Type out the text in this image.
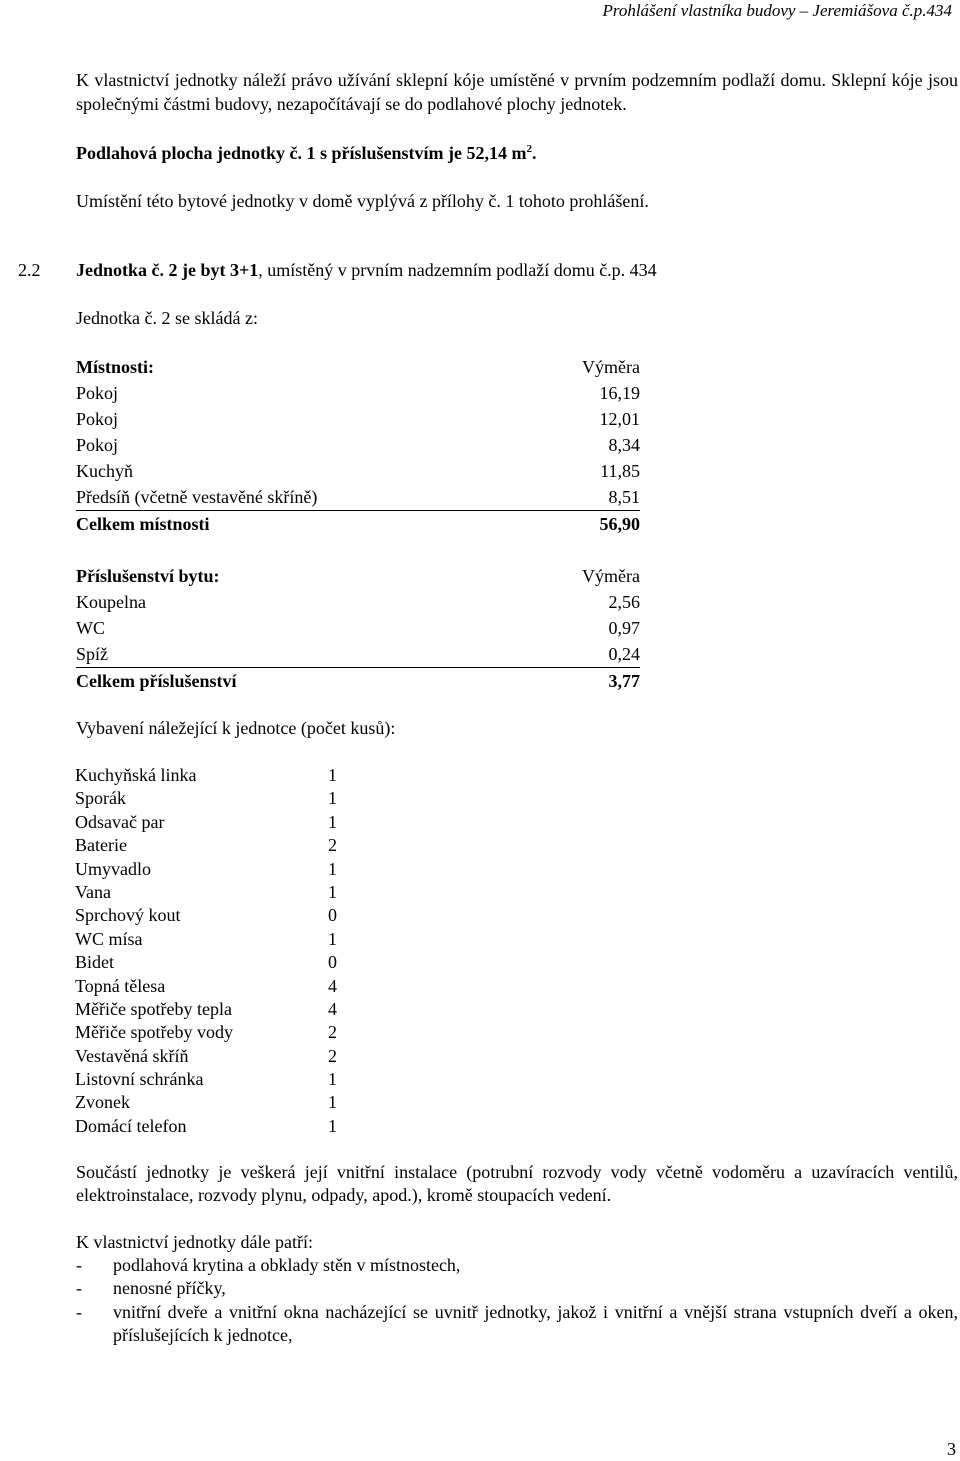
Prohlášení vlastníka budovy – Jeremiášova č.p.434
K vlastnictví jednotky náleží právo užívání sklepní kóje umístěné v prvním podzemním podlaží domu. Sklepní kóje jsou společnými částmi budovy, nezapočítávají se do podlahové plochy jednotek.
Podlahová plocha jednotky č. 1 s příslušenstvím je 52,14 $m^2$.
Umístění této bytové jednotky v domě vyplývá z přílohy č. 1 tohoto prohlášení.
2.2 Jednotka č. 2 je byt 3+1, umístěný v prvním nadzemním podlaží domu č.p. 434
Jednotka č. 2 se skládá z:
Místnosti:	Výměra
Pokoj	16,19
Pokoj	12,01
Pokoj	8,34
Kuchyň	11,85
Předsíň (včetně vestavěné skříně)	8,51
Celkem místnosti	56,90
Příslušenství bytu:	Výměra
Koupelna	2,56
WC	0,97
Spíž	0,24
Celkem příslušenství	3,77
Vybavení náležející k jednotce (počet kusů):
Kuchyňská linka	1
Sporák	1
Odsavač par	1
Baterie	2
Umyvadlo	1
Vana	1
Sprchový kout	0
WC mísa	1
Bidet	0
Topná tělesa	4
Měřiče spotřeby tepla	4
Měřiče spotřeby vody	2
Vestavěná skříň	2
Listovní schránka	1
Zvonek	1
Domácí telefon	1
Součástí jednotky je veškerá její vnitřní instalace (potrubní rozvody vody včetně vodoměru a uzavíracích ventilů, elektroinstalace, rozvody plynu, odpady, apod.), kromě stoupacích vedení.
K vlastnictví jednotky dále patří:
- podlahová krytina a obklady stěn v místnostech,
- nenosné příčky,
- vnitřní dveře a vnitřní okna nacházející se uvnitř jednotky, jakož i vnitřní a vnější strana vstupních dveří a oken, příslušejících k jednotce,
3
